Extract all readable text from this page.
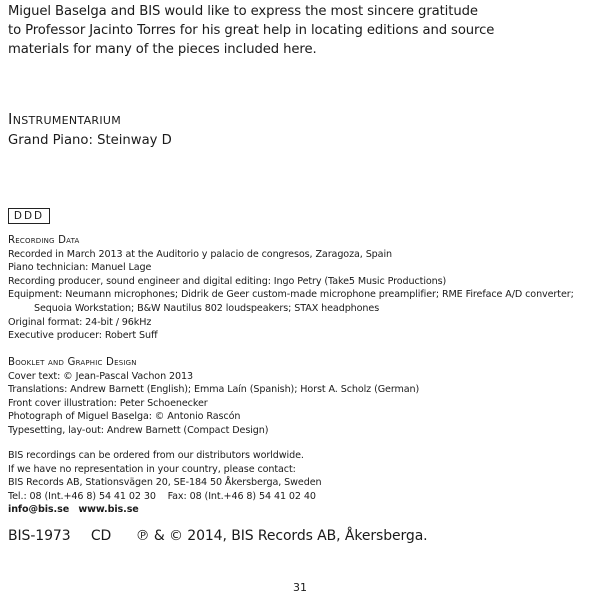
Miguel Baselga and BIS would like to express the most sincere gratitude
to Professor Jacinto Torres for his great help in locating editions and source
materials for many of the pieces included here.
Instrumentarium
Grand Piano: Steinway D
DDD
Recording Data
Recorded in March 2013 at the Auditorio y palacio de congresos, Zaragoza, Spain
Piano technician: Manuel Lage
Recording producer, sound engineer and digital editing: Ingo Petry (Take5 Music Productions)
Equipment: Neumann microphones; Didrik de Geer custom-made microphone preamplifier; RME Fireface A/D converter;
Sequoia Workstation; B&W Nautilus 802 loudspeakers; STAX headphones
Original format: 24-bit / 96kHz
Executive producer: Robert Suff
Booklet and Graphic Design
Cover text: © Jean-Pascal Vachon 2013
Translations: Andrew Barnett (English); Emma Laín (Spanish); Horst A. Scholz (German)
Front cover illustration: Peter Schoenecker
Photograph of Miguel Baselga: © Antonio Rascón
Typesetting, lay-out: Andrew Barnett (Compact Design)
BIS recordings can be ordered from our distributors worldwide.
If we have no representation in your country, please contact:
BIS Records AB, Stationsvägen 20, SE-184 50 Åkersberga, Sweden
Tel.: 08 (Int.+46 8) 54 41 02 30    Fax: 08 (Int.+46 8) 54 41 02 40
info@bis.se www.bis.se
BIS-1973 CD ℗ & © 2014, BIS Records AB, Åkersberga.
31
